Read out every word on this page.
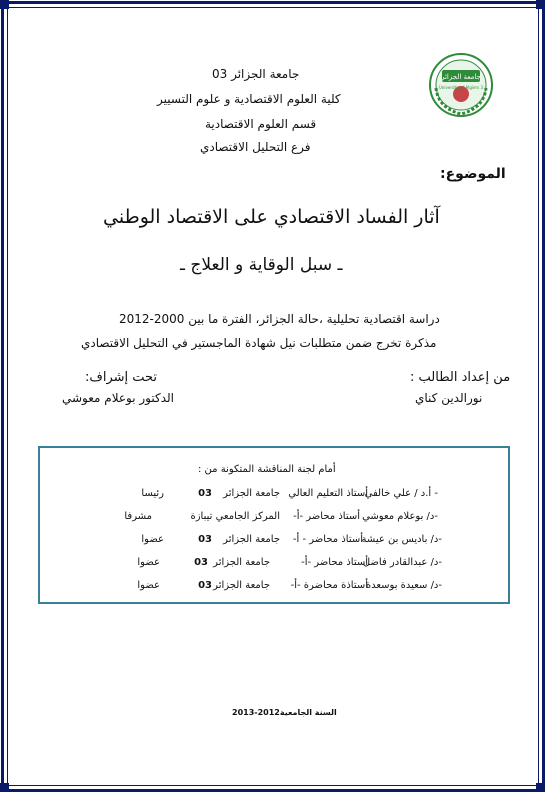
جامعة الجزائر 03
كلية العلوم الاقتصادية و علوم التسيير
قسم العلوم الاقتصادية
فرع التحليل الاقتصادي
جامعة الجزائر
University of Algiers 3
الموضوع:
آثار الفساد الاقتصادي على الاقتصاد الوطني
ـ سبل الوقاية و العلاج ـ
دراسة اقتصادية تحليلية ،حالة الجزائر، الفترة ما بين 2000-2012
مذكرة تخرج ضمن متطلبات نيل شهادة الماجستير في التحليل الاقتصادي
من إعداد الطالب :
نورالدين كناي
تحت إشراف:
الدكتور بوعلام معوشي
أمام لجنة المناقشة المتكونة من :
- أ.د / علي خالفي
أستاذ التعليم العالي
جامعة الجزائر
03
رئيسا
-د/ بوعلام معوشي
أستاذ محاضر -أ-
المركز الجامعي تيبازة
مشرفا
-د/ باديس بن عيشة
أستاذ محاضر - أ-
جامعة الجزائر
03
عضوا
-د/ عبدالقادر فاضل
أستاذ محاضر -أ-
جامعة الجزائر
03
عضوا
-د/ سعيدة بوسعدة
أستاذة محاضرة -أ-
جامعة الجزائر
03
عضوا
السنة الجامعية2012-2013
